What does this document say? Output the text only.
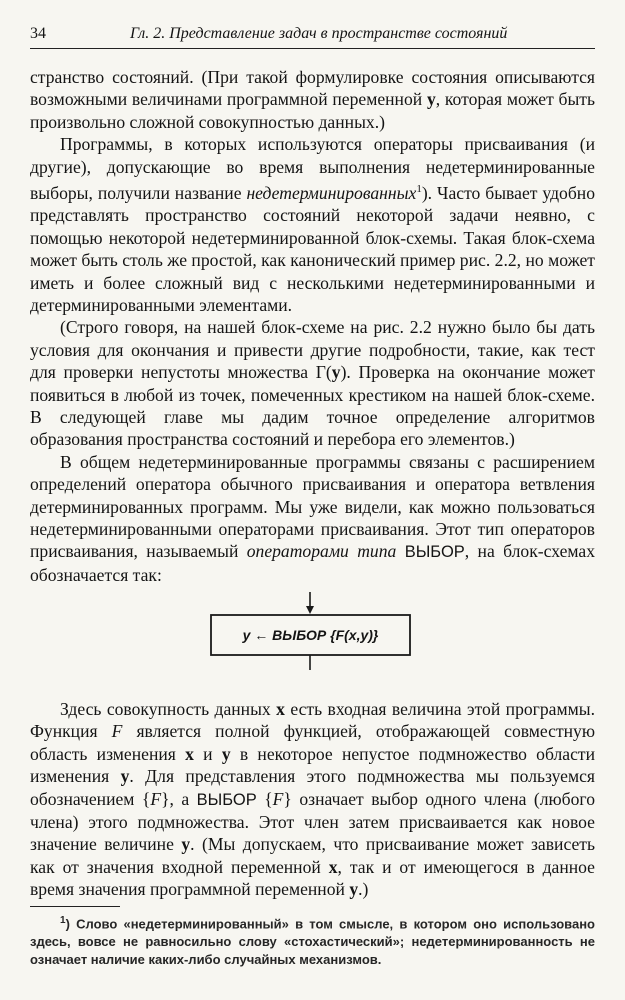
34	Гл. 2. Представление задач в пространстве состояний

странство состояний. (При такой формулировке состояния описываются возможными величинами программной переменной у, которая может быть произвольно сложной совокупностью данных.)

Программы, в которых используются операторы присваивания (и другие), допускающие во время выполнения недетерминированные выборы, получили название недетерминированных$^1$). Часто бывает удобно представлять пространство состояний некоторой задачи неявно, с помощью некоторой недетерминированной блок-схемы. Такая блок-схема может быть столь же простой, как канонический пример рис. 2.2, но может иметь и более сложный вид с несколькими недетерминированными и детерминированными элементами.

(Строго говоря, на нашей блок-схеме на рис. 2.2 нужно было бы дать условия для окончания и привести другие подробности, такие, как тест для проверки непустоты множества Γ(у). Проверка на окончание может появиться в любой из точек, помеченных крестиком на нашей блок-схеме. В следующей главе мы дадим точное определение алгоритмов образования пространства состояний и перебора его элементов.)

В общем недетерминированные программы связаны с расширением определений оператора обычного присваивания и оператора ветвления детерминированных программ. Мы уже видели, как можно пользоваться недетерминированными операторами присваивания. Этот тип операторов присваивания, называемый операторами типа ВЫБОР, на блок-схемах обозначается так:

y ← ВЫБОР {F(x,y)}

Здесь совокупность данных x есть входная величина этой программы. Функция F является полной функцией, отображающей совместную область изменения x и у в некоторое непустое подмножество области изменения у. Для представления этого подмножества мы пользуемся обозначением {F}, а ВЫБОР {F} означает выбор одного члена (любого члена) этого подмножества. Этот член затем присваивается как новое значение величине у. (Мы допускаем, что присваивание может зависеть как от значения входной переменной x, так и от имеющегося в данное время значения программной переменной у.)

$^1$) Слово «недетерминированный» в том смысле, в котором оно использовано здесь, вовсе не равносильно слову «стохастический»; недетерминированность не означает наличие каких-либо случайных механизмов.
